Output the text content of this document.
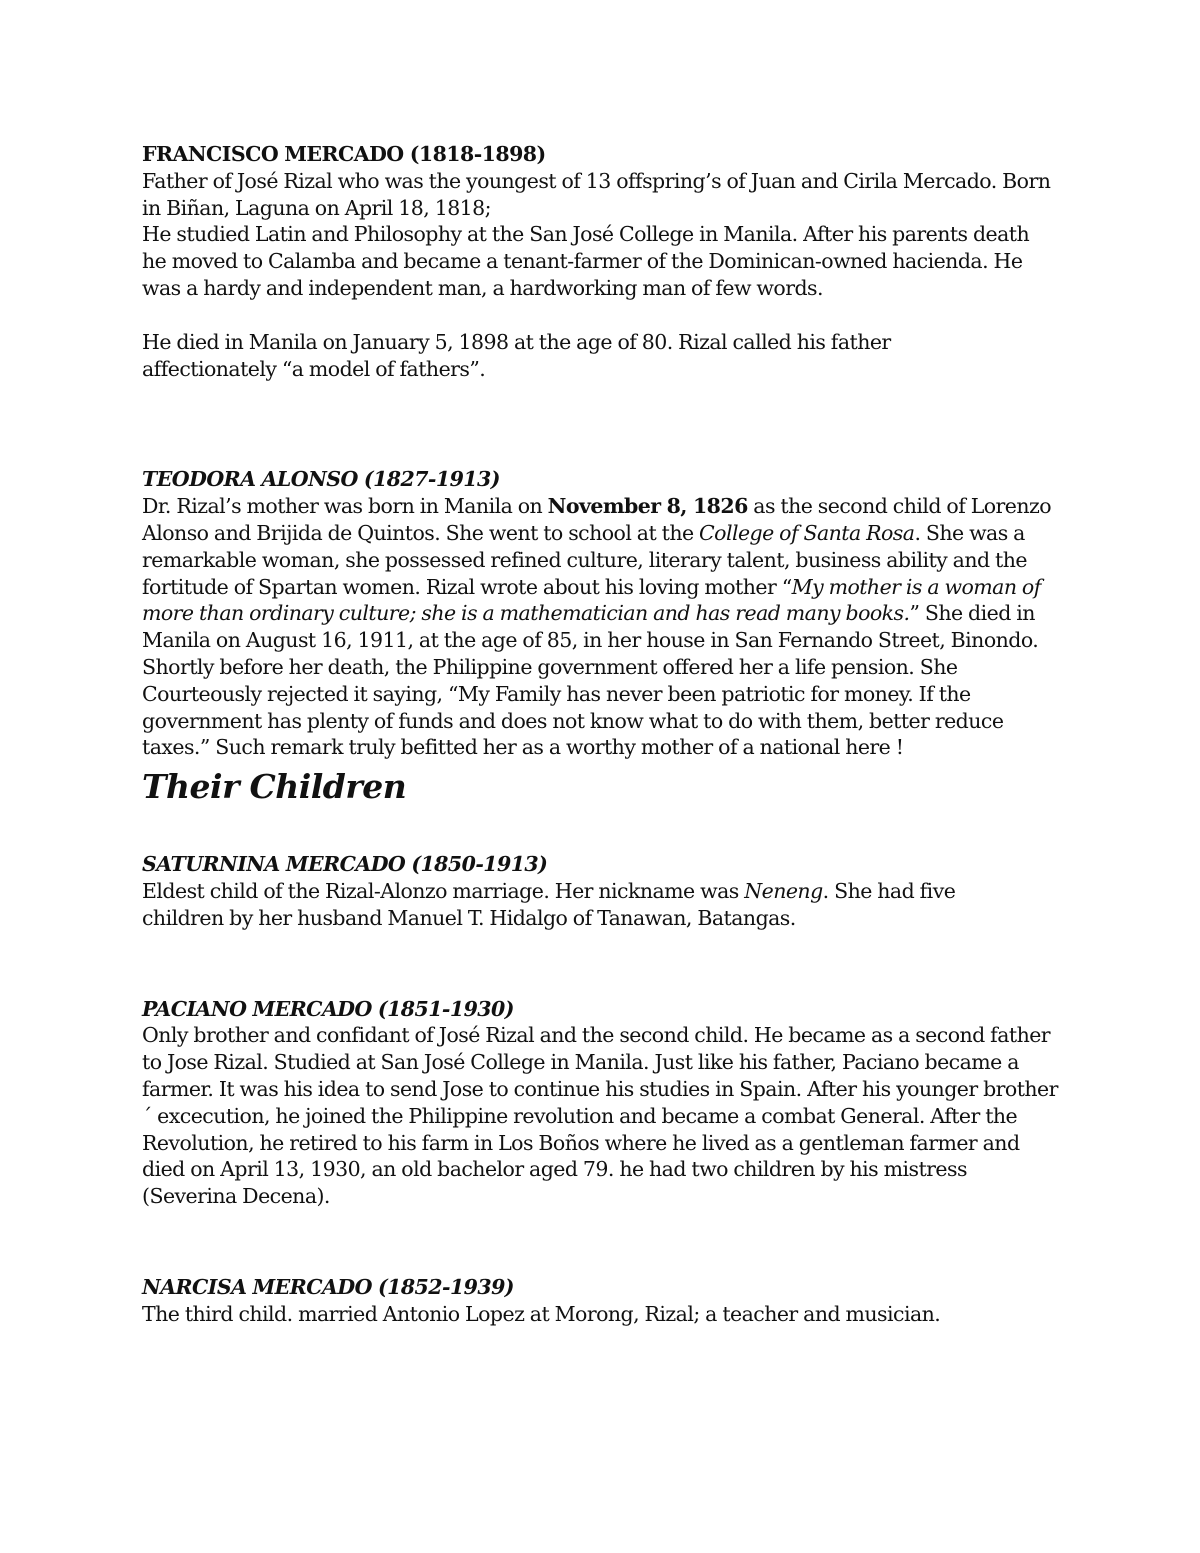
FRANCISCO MERCADO (1818-1898)

Father of José Rizal who was the youngest of 13 offspring’s of Juan and Cirila Mercado. Born in Biñan, Laguna on April 18, 1818;

He studied Latin and Philosophy at the San José College in Manila. After his parents death he moved to Calamba and became a tenant-farmer of the Dominican-owned hacienda. He was a hardy and independent man, a hardworking man of few words.

He died in Manila on January 5, 1898 at the age of 80. Rizal called his father affectionately “a model of fathers”.

TEODORA ALONSO (1827-1913)

Dr. Rizal’s mother was born in Manila on November 8, 1826 as the second child of Lorenzo Alonso and Brijida de Quintos. She went to school at the College of Santa Rosa. She was a remarkable woman, she possessed refined culture, literary talent, business ability and the fortitude of Spartan women. Rizal wrote about his loving mother “My mother is a woman of more than ordinary culture; she is a mathematician and has read many books.” She died in Manila on August 16, 1911, at the age of 85, in her house in San Fernando Street, Binondo. Shortly before her death, the Philippine government offered her a life pension. She Courteously rejected it saying, “My Family has never been patriotic for money. If the government has plenty of funds and does not know what to do with them, better reduce taxes.” Such remark truly befitted her as a worthy mother of a national here !

Their Children

SATURNINA MERCADO (1850-1913)

Eldest child of the Rizal-Alonzo marriage. Her nickname was Neneng. She had five children by her husband Manuel T. Hidalgo of Tanawan, Batangas.

PACIANO MERCADO (1851-1930)

Only brother and confidant of José Rizal and the second child. He became as a second father to Jose Rizal. Studied at San José College in Manila. Just like his father, Paciano became a farmer. It was his idea to send Jose to continue his studies in Spain. After his younger brother´ excecution, he joined the Philippine revolution and became a combat General. After the Revolution, he retired to his farm in Los Boños where he lived as a gentleman farmer and died on April 13, 1930, an old bachelor aged 79. he had two children by his mistress (Severina Decena).

NARCISA MERCADO (1852-1939)

The third child. married Antonio Lopez at Morong, Rizal; a teacher and musician.
